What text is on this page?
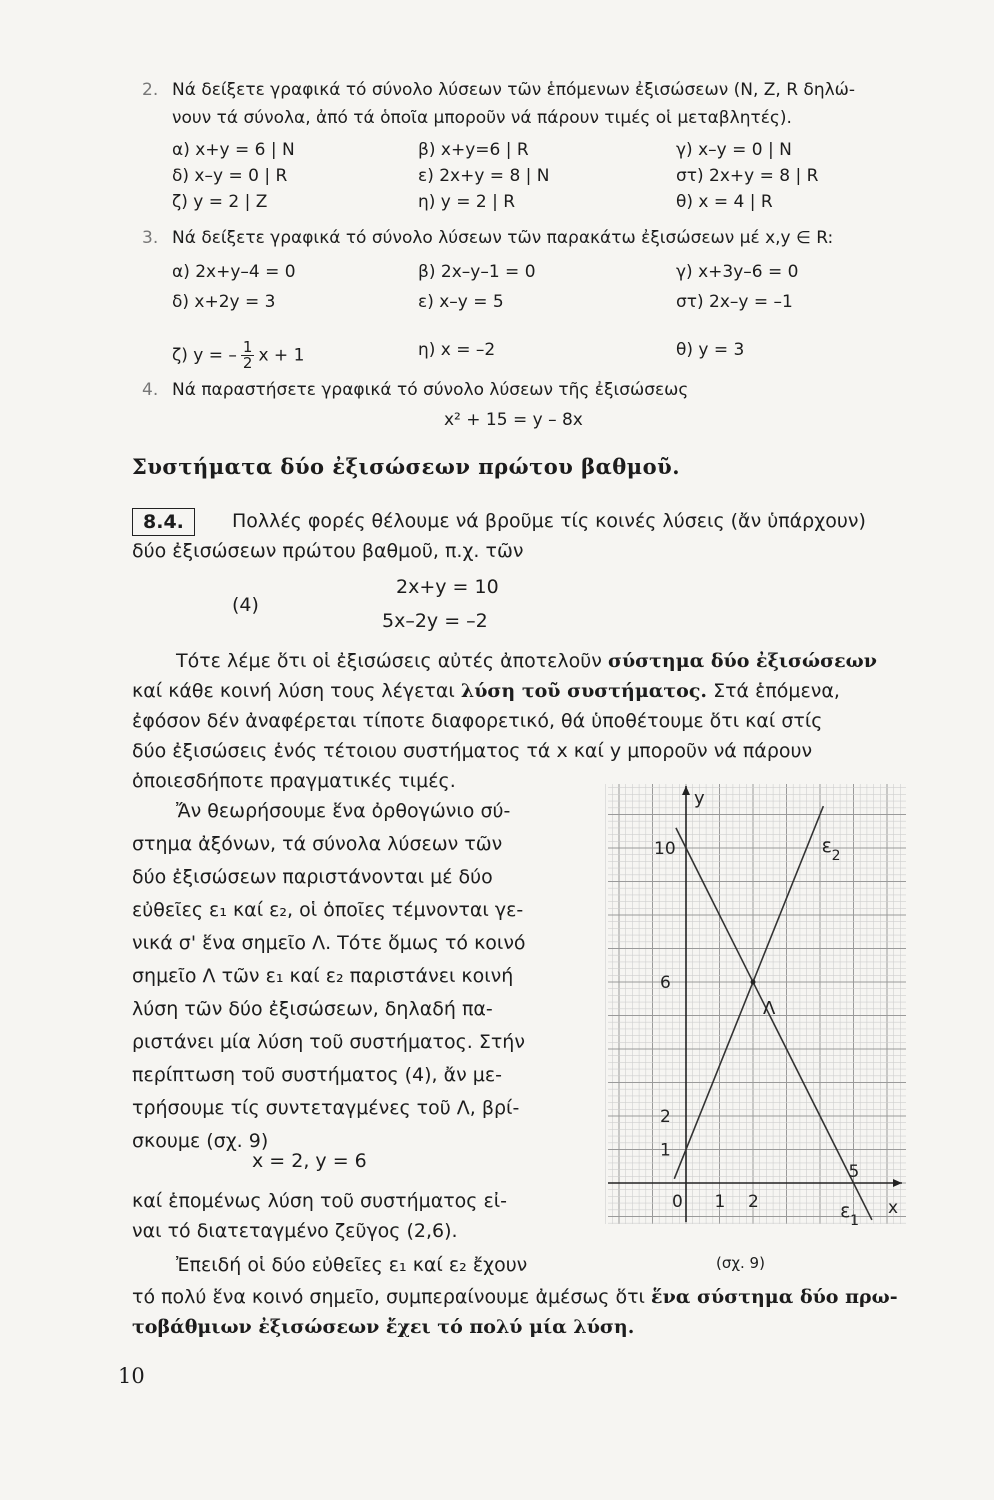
2. Νά δείξετε γραφικά τό σύνολο λύσεων τῶν ἑπόμενων ἐξισώσεων (N, Z, R δηλώ-
νουν τά σύνολα, ἀπό τά ὁποῖα μποροῦν νά πάρουν τιμές οἱ μεταβλητές).
α) x+y = 6 | N	β) x+y=6 | R	γ) x–y = 0 | N
δ) x–y = 0 | R	ε) 2x+y = 8 | N	στ) 2x+y = 8 | R
ζ) y = 2 | Z	η) y = 2 | R	θ) x = 4 | R
3. Νά δείξετε γραφικά τό σύνολο λύσεων τῶν παρακάτω ἐξισώσεων μέ x,y ∈ R:
α) 2x+y–4 = 0	β) 2x–y–1 = 0	γ) x+3y–6 = 0
δ) x+2y = 3	ε) x–y = 5	στ) 2x–y = –1
ζ) y = – $\frac{1}{2}$ x + 1	η) x = –2	θ) y = 3
4. Νά παραστήσετε γραφικά τό σύνολο λύσεων τῆς ἐξισώσεως
x² + 15 = y – 8x
Συστήματα δύο ἐξισώσεων πρώτου βαθμοῦ.
8.4.	Πολλές φορές θέλουμε νά βροῦμε τίς κοινές λύσεις (ἄν ὑπάρχουν)
δύο ἐξισώσεων πρώτου βαθμοῦ, π.χ. τῶν
(4)
2x+y = 10
5x–2y = –2
Τότε λέμε ὅτι οἱ ἐξισώσεις αὐτές ἀποτελοῦν σύστημα δύο ἐξισώσεων
καί κάθε κοινή λύση τους λέγεται λύση τοῦ συστήματος. Στά ἑπόμενα,
ἐφόσον δέν ἀναφέρεται τίποτε διαφορετικό, θά ὑποθέτουμε ὅτι καί στίς
δύο ἐξισώσεις ἑνός τέτοιου συστήματος τά x καί y μποροῦν νά πάρουν
ὁποιεσδήποτε πραγματικές τιμές.
Ἄν θεωρήσουμε ἕνα ὀρθογώνιο σύ-
στημα ἀξόνων, τά σύνολα λύσεων τῶν
δύο ἐξισώσεων παριστάνονται μέ δύο
εὐθεῖες ε₁ καί ε₂, οἱ ὁποῖες τέμνονται γε-
νικά σ' ἕνα σημεῖο Λ. Τότε ὅμως τό κοινό
σημεῖο Λ τῶν ε₁ καί ε₂ παριστάνει κοινή
λύση τῶν δύο ἐξισώσεων, δηλαδή πα-
ριστάνει μία λύση τοῦ συστήματος. Στήν
περίπτωση τοῦ συστήματος (4), ἄν με-
τρήσουμε τίς συντεταγμένες τοῦ Λ, βρί-
σκουμε (σχ. 9)
x = 2, y = 6
καί ἑπομένως λύση τοῦ συστήματος εἰ-
ναι τό διατεταγμένο ζεῦγος (2,6).
Ἐπειδή οἱ δύο εὐθεῖες ε₁ καί ε₂ ἔχουν
τό πολύ ἕνα κοινό σημεῖο, συμπεραίνουμε ἀμέσως ὅτι ἕνα σύστημα δύο πρω-
τοβάθμιων ἐξισώσεων ἔχει τό πολύ μία λύση.
(σχ. 9)
y
x
10
6
2
1
0 1 2
5
Λ
ε 2
ε 1
10
